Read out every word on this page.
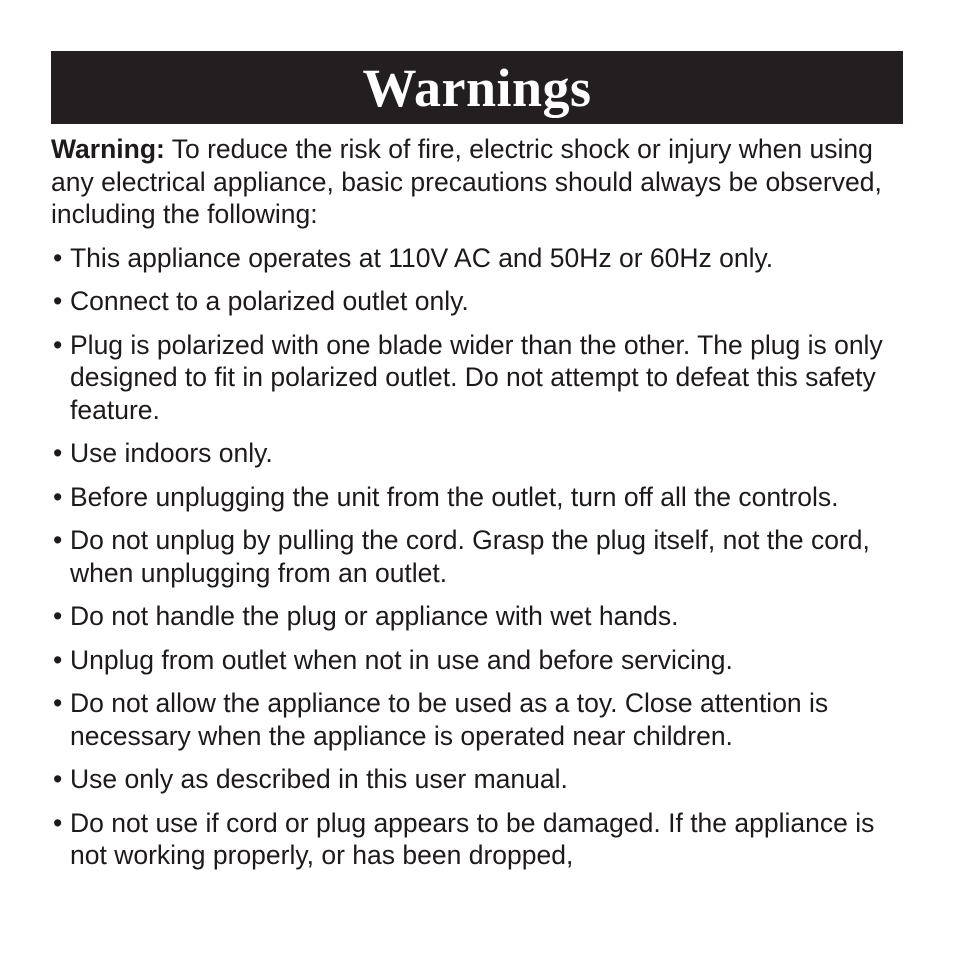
Warnings

Warning: To reduce the risk of fire, electric shock or injury when using any electrical appliance, basic precautions should always be observed, including the following:

• This appliance operates at 110V AC and 50Hz or 60Hz only.
• Connect to a polarized outlet only.
• Plug is polarized with one blade wider than the other. The plug is only designed to fit in polarized outlet. Do not attempt to defeat this safety feature.
• Use indoors only.
• Before unplugging the unit from the outlet, turn off all the controls.
• Do not unplug by pulling the cord. Grasp the plug itself, not the cord, when unplugging from an outlet.
• Do not handle the plug or appliance with wet hands.
• Unplug from outlet when not in use and before servicing.
• Do not allow the appliance to be used as a toy. Close attention is necessary when the appliance is operated near children.
• Use only as described in this user manual.
• Do not use if cord or plug appears to be damaged. If the appliance is not working properly, or has been dropped,
